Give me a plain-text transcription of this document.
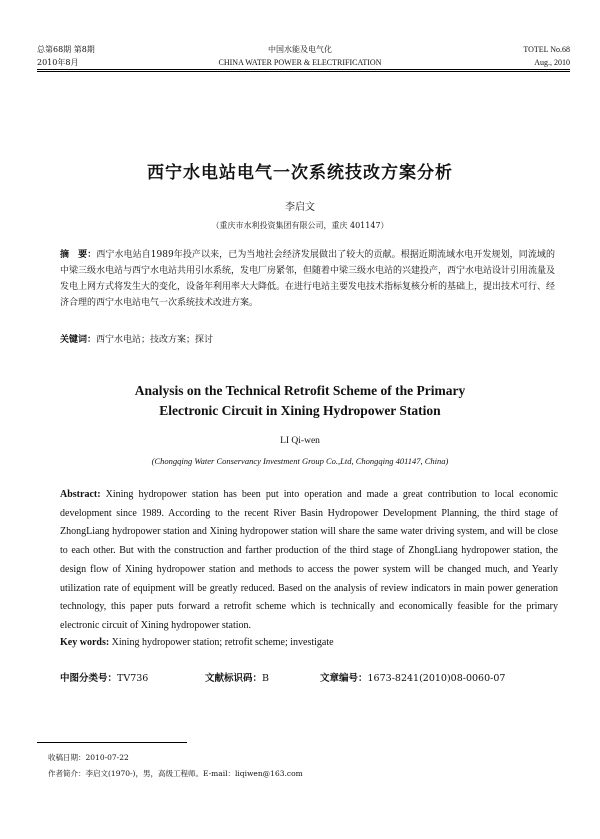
总第68期 第8期
2010年8月
中国水能及电气化
CHINA WATER POWER & ELECTRIFICATION
TOTEL No.68
Aug., 2010
西宁水电站电气一次系统技改方案分析
李启文
（重庆市水利投资集团有限公司，重庆 401147）
摘　要：西宁水电站自1989年投产以来，已为当地社会经济发展做出了较大的贡献。根据近期流域水电开发规划，同流域的中梁三级水电站与西宁水电站共用引水系统，发电厂房紧邻，但随着中梁三级水电站的兴建投产，西宁水电站设计引用流量及发电上网方式将发生大的变化，设备年利用率大大降低。在进行电站主要发电技术指标复核分析的基础上，提出技术可行、经济合理的西宁水电站电气一次系统技术改进方案。
关键词：西宁水电站；技改方案；探讨
Analysis on the Technical Retrofit Scheme of the Primary
Electronic Circuit in Xining Hydropower Station
LI Qi-wen
(Chongqing Water Conservancy Investment Group Co.,Ltd, Chongqing 401147, China)
Abstract: Xining hydropower station has been put into operation and made a great contribution to local economic development since 1989. According to the recent River Basin Hydropower Development Planning, the third stage of ZhongLiang hydropower station and Xining hydropower station will share the same water driving system, and will be close to each other. But with the construction and farther production of the third stage of ZhongLiang hydropower station, the design flow of Xining hydropower station and methods to access the power system will be changed much, and Yearly utilization rate of equipment will be greatly reduced. Based on the analysis of review indicators in main power generation technology, this paper puts forward a retrofit scheme which is technically and economically feasible for the primary electronic circuit of Xining hydropower station.
Key words: Xining hydropower station; retrofit scheme; investigate
中图分类号：TV736	文献标识码：B	文章编号：1673-8241(2010)08-0060-07
收稿日期：2010-07-22
作者简介：李启文(1970-)，男，高级工程师。E-mail：liqiwen@163.com
